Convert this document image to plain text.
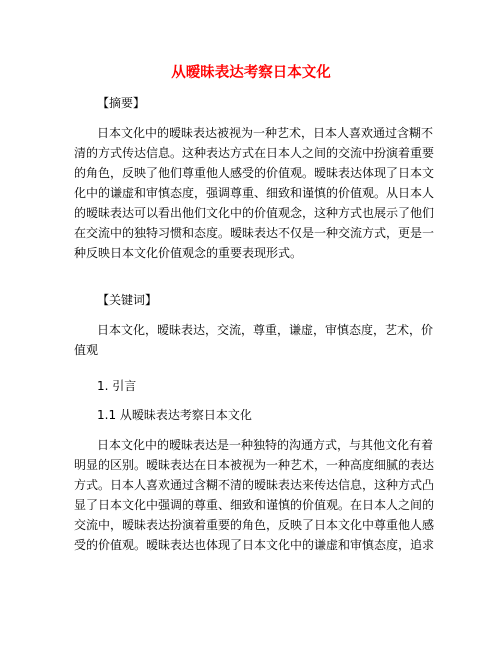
从暧昧表达考察日本文化
【摘要】
日本文化中的暧昧表达被视为一种艺术，日本人喜欢通过含糊不
清的方式传达信息。这种表达方式在日本人之间的交流中扮演着重要
的角色，反映了他们尊重他人感受的价值观。暧昧表达体现了日本文
化中的谦虚和审慎态度，强调尊重、细致和谨慎的价值观。从日本人
的暧昧表达可以看出他们文化中的价值观念，这种方式也展示了他们
在交流中的独特习惯和态度。暧昧表达不仅是一种交流方式，更是一
种反映日本文化价值观念的重要表现形式。
【关键词】
日本文化，暧昧表达，交流，尊重，谦虚，审慎态度，艺术，价
值观
1. 引言
1.1 从暧昧表达考察日本文化
日本文化中的暧昧表达是一种独特的沟通方式，与其他文化有着
明显的区别。暧昧表达在日本被视为一种艺术，一种高度细腻的表达
方式。日本人喜欢通过含糊不清的暧昧表达来传达信息，这种方式凸
显了日本文化中强调的尊重、细致和谨慎的价值观。在日本人之间的
交流中，暧昧表达扮演着重要的角色，反映了日本文化中尊重他人感
受的价值观。暧昧表达也体现了日本文化中的谦虚和审慎态度，追求
